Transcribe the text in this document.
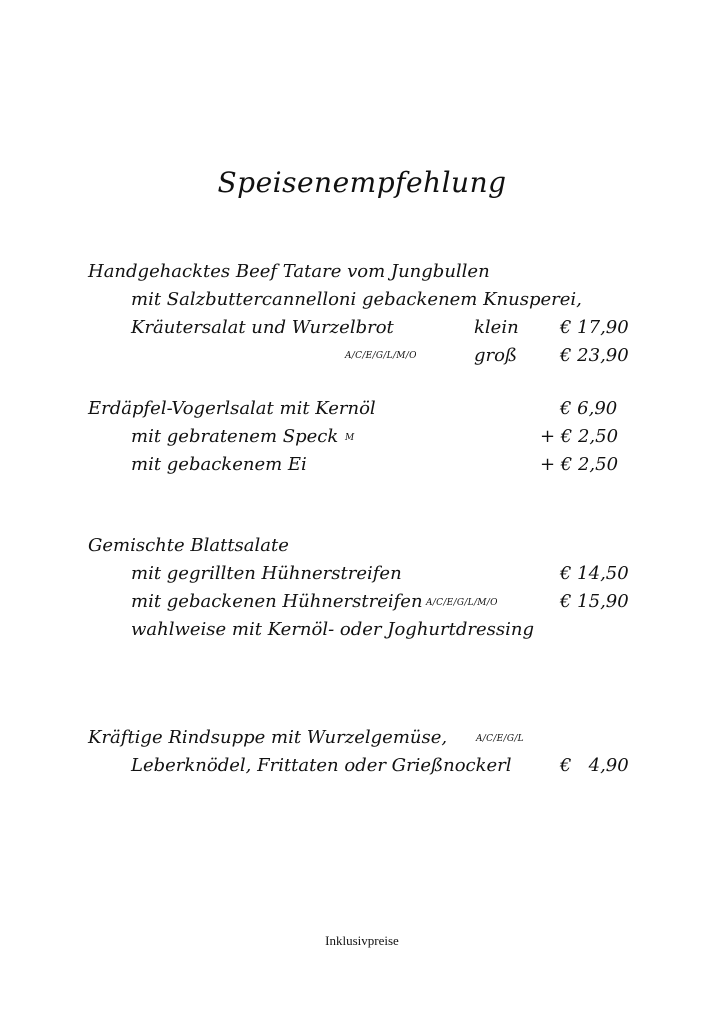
Speisenempfehlung
Handgehacktes Beef Tatare vom Jungbullen
mit Salzbuttercannelloni gebackenem Knusperei,
Kräutersalat und Wurzelbrot	klein € 17,90
A/C/E/G/L/M/O	groß € 23,90
Erdäpfel-Vogerlsalat mit Kernöl	€ 6,90
mit gebratenem Speck M	+ € 2,50
mit gebackenem Ei	+ € 2,50
Gemischte Blattsalate
mit gegrillten Hühnerstreifen	€ 14,50
mit gebackenen Hühnerstreifen A/C/E/G/L/M/O	€ 15,90
wahlweise mit Kernöl- oder Joghurtdressing
Kräftige Rindsuppe mit Wurzelgemüse,	A/C/E/G/L
Leberknödel, Frittaten oder Grießnockerl	€   4,90
Inklusivpreise
